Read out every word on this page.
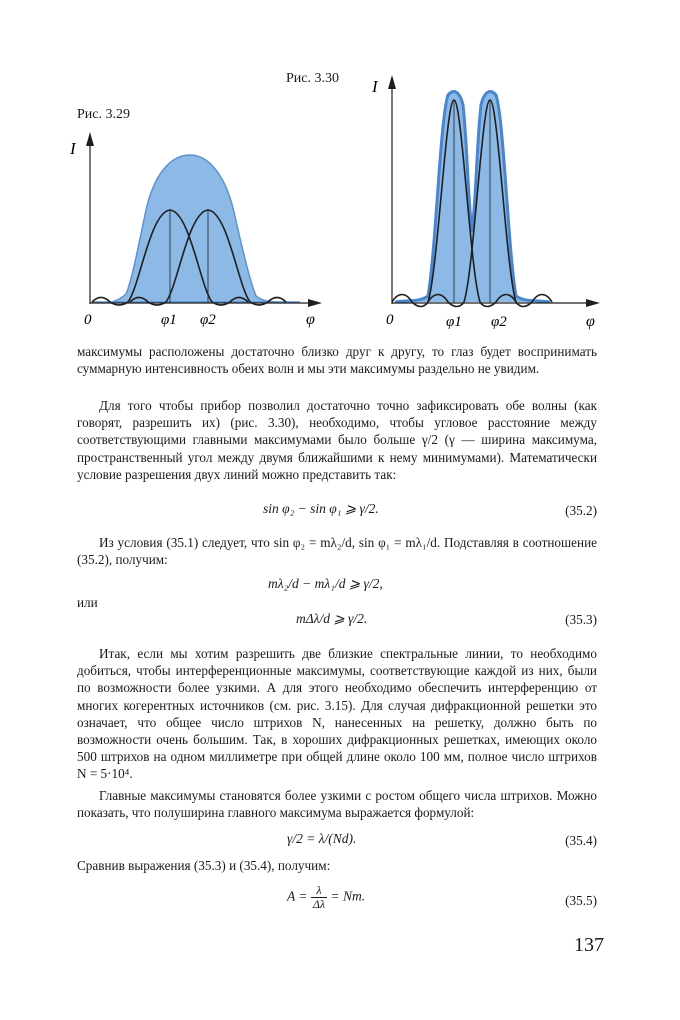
Рис. 3.30
Рис. 3.29
I
0	φ1 φ2	φ
I
0	φ1 φ2	φ
максимумы расположены достаточно близко друг к другу, то глаз будет воспринимать суммарную интенсивность обеих волн и мы эти максимумы раздельно не увидим.
Для того чтобы прибор позволил достаточно точно зафиксировать обе волны (как говорят, разрешить их) (рис. 3.30), необходимо, чтобы угловое расстояние между соответствующими главными максимумами было больше γ/2 (γ — ширина максимума, пространственный угол между двумя ближайшими к нему минимумами). Математически условие разрешения двух линий можно представить так:
sin φ₂ − sin φ₁ ⩾ γ/2.	(35.2)
Из условия (35.1) следует, что sin φ₂ = mλ₂/d, sin φ₁ = mλ₁/d. Подставляя в соотношение (35.2), получим:
mλ₂/d − mλ₁/d ⩾ γ/2,
или
mΔλ/d ⩾ γ/2.	(35.3)
Итак, если мы хотим разрешить две близкие спектральные линии, то необходимо добиться, чтобы интерференционные максимумы, соответствующие каждой из них, были по возможности более узкими. А для этого необходимо обеспечить интерференцию от многих когерентных источников (см. рис. 3.15). Для случая дифракционной решетки это означает, что общее число штрихов N, нанесенных на решетку, должно быть по возможности очень большим. Так, в хороших дифракционных решетках, имеющих около 500 штрихов на одном миллиметре при общей длине около 100 мм, полное число штрихов N = 5·10⁴.
Главные максимумы становятся более узкими с ростом общего числа штрихов. Можно показать, что полуширина главного максимума выражается формулой:
γ/2 = λ/(Nd).	(35.4)
Сравнив выражения (35.3) и (35.4), получим:
$A = \frac{\lambda}{\Delta\lambda} = Nm$.	(35.5)
137
